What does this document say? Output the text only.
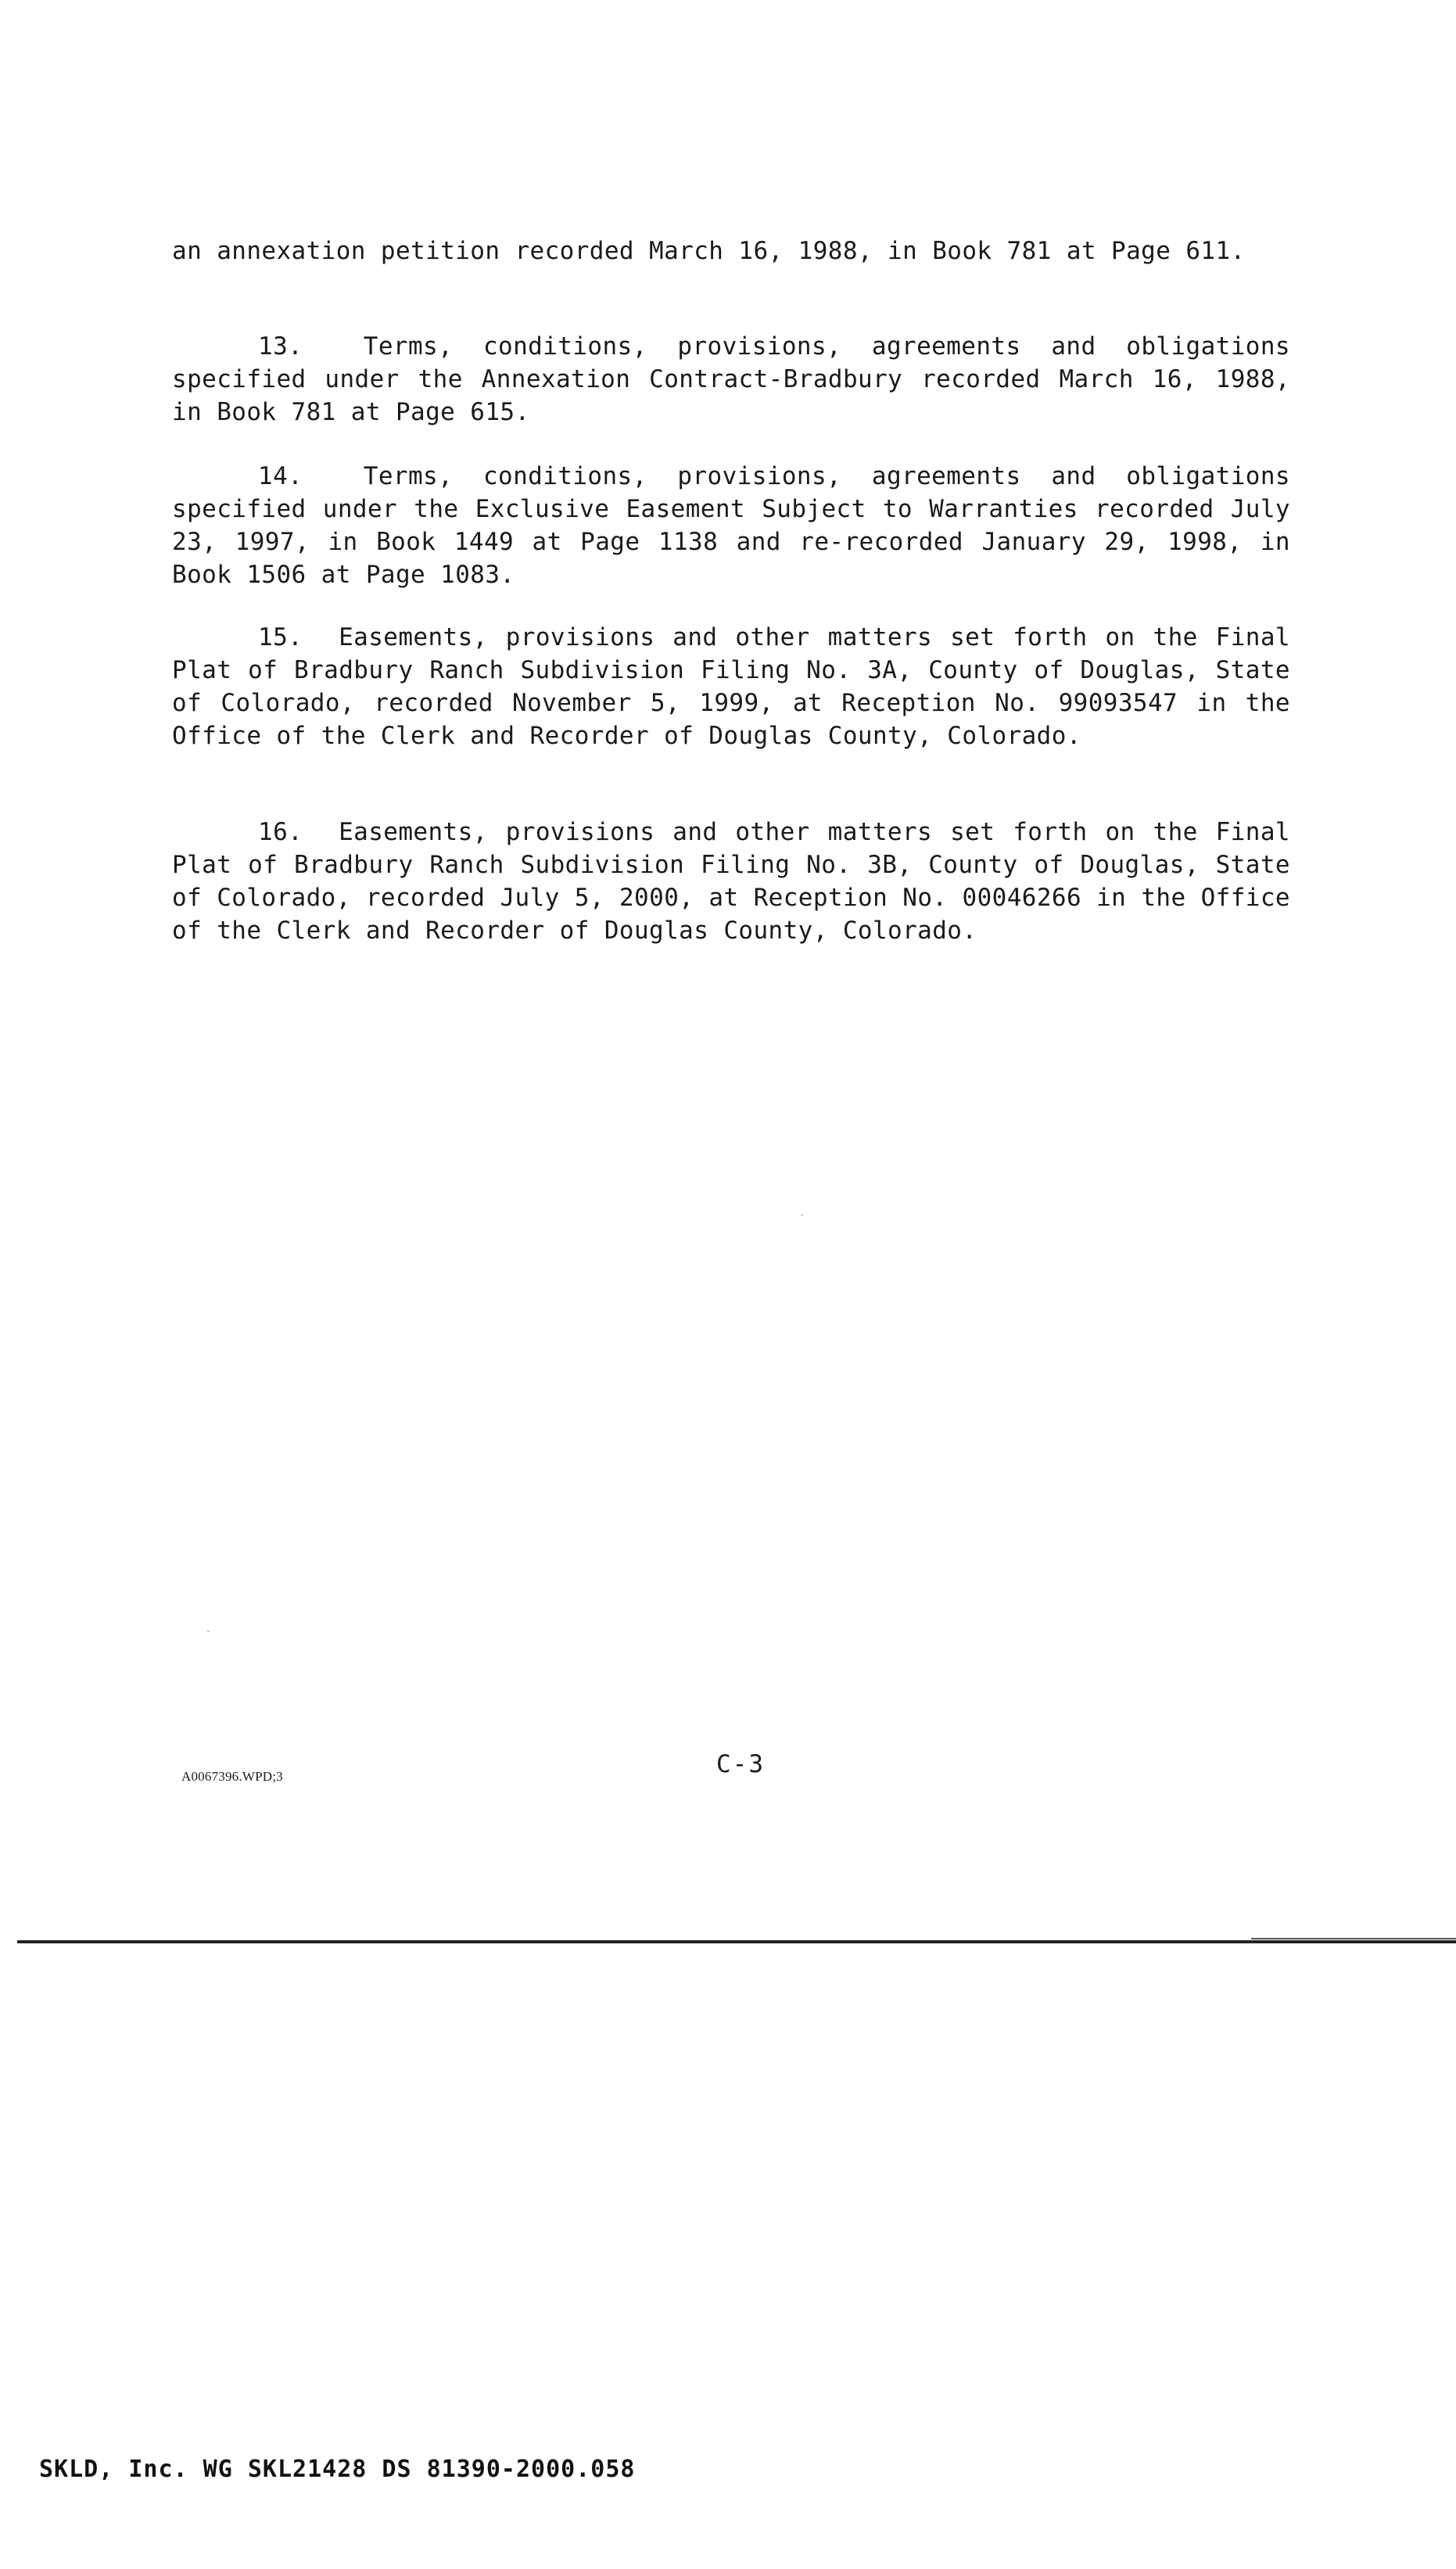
an annexation petition recorded March 16, 1988, in Book 781 at Page 611.

13.	Terms, conditions, provisions, agreements and obligations specified under the Annexation Contract-Bradbury recorded March 16, 1988, in Book 781 at Page 615.

14.	Terms, conditions, provisions, agreements and obligations specified under the Exclusive Easement Subject to Warranties recorded July 23, 1997, in Book 1449 at Page 1138 and re-recorded January 29, 1998, in Book 1506 at Page 1083.

15. Easements, provisions and other matters set forth on the Final Plat of Bradbury Ranch Subdivision Filing No. 3A, County of Douglas, State of Colorado, recorded November 5, 1999, at Reception No. 99093547 in the Office of the Clerk and Recorder of Douglas County, Colorado.

16. Easements, provisions and other matters set forth on the Final Plat of Bradbury Ranch Subdivision Filing No. 3B, County of Douglas, State of Colorado, recorded July 5, 2000, at Reception No. 00046266 in the Office of the Clerk and Recorder of Douglas County, Colorado.

A0067396.WPD;3	C-3
SKLD, Inc. WG SKL21428 DS 81390-2000.058
